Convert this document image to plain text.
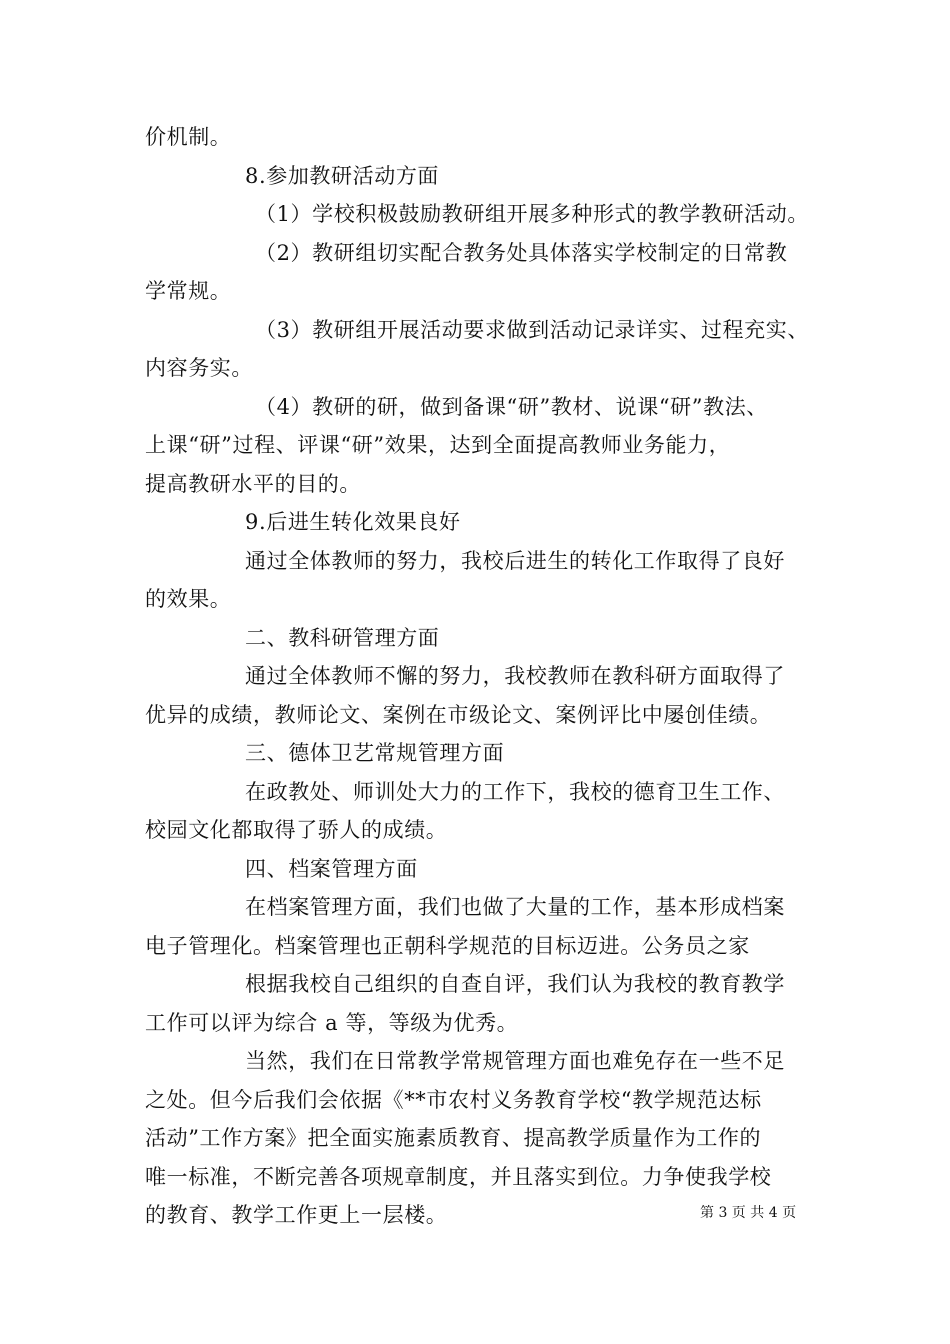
价机制。
8.参加教研活动方面
（1）学校积极鼓励教研组开展多种形式的教学教研活动。
（2）教研组切实配合教务处具体落实学校制定的日常教
学常规。
（3）教研组开展活动要求做到活动记录详实、过程充实、
内容务实。
（4）教研的研，做到备课“研”教材、说课“研”教法、
上课“研”过程、评课“研”效果，达到全面提高教师业务能力，
提高教研水平的目的。
9.后进生转化效果良好
通过全体教师的努力，我校后进生的转化工作取得了良好
的效果。
二、教科研管理方面
通过全体教师不懈的努力，我校教师在教科研方面取得了
优异的成绩，教师论文、案例在市级论文、案例评比中屡创佳绩。
三、德体卫艺常规管理方面
在政教处、师训处大力的工作下，我校的德育卫生工作、
校园文化都取得了骄人的成绩。
四、档案管理方面
在档案管理方面，我们也做了大量的工作，基本形成档案
电子管理化。档案管理也正朝科学规范的目标迈进。公务员之家
根据我校自己组织的自查自评，我们认为我校的教育教学
工作可以评为综合 a 等，等级为优秀。
当然，我们在日常教学常规管理方面也难免存在一些不足
之处。但今后我们会依据《**市农村义务教育学校“教学规范达标
活动”工作方案》把全面实施素质教育、提高教学质量作为工作的
唯一标准，不断完善各项规章制度，并且落实到位。力争使我学校
的教育、教学工作更上一层楼。	第 3 页 共 4 页
